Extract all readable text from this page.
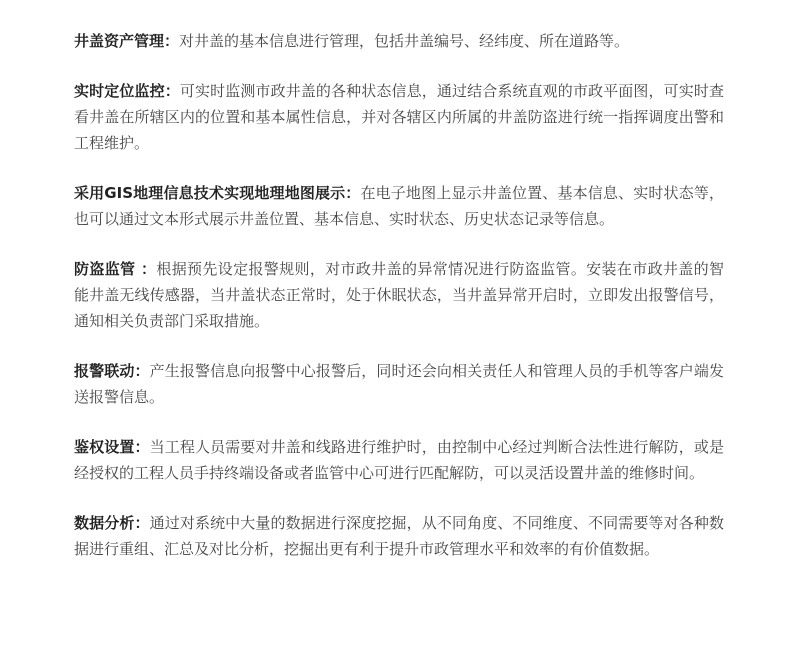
井盖资产管理：对井盖的基本信息进行管理，包括井盖编号、经纬度、所在道路等。

实时定位监控：可实时监测市政井盖的各种状态信息，通过结合系统直观的市政平面图，可实时查看井盖在所辖区内的位置和基本属性信息，并对各辖区内所属的井盖防盗进行统一指挥调度出警和工程维护。

采用GIS地理信息技术实现地理地图展示：在电子地图上显示井盖位置、基本信息、实时状态等，也可以通过文本形式展示井盖位置、基本信息、实时状态、历史状态记录等信息。

防盗监管 ：根据预先设定报警规则，对市政井盖的异常情况进行防盗监管。安装在市政井盖的智能井盖无线传感器，当井盖状态正常时，处于休眠状态，当井盖异常开启时，立即发出报警信号，通知相关负责部门采取措施。

报警联动：产生报警信息向报警中心报警后，同时还会向相关责任人和管理人员的手机等客户端发送报警信息。

鉴权设置：当工程人员需要对井盖和线路进行维护时，由控制中心经过判断合法性进行解防，或是经授权的工程人员手持终端设备或者监管中心可进行匹配解防，可以灵活设置井盖的维修时间。

数据分析：通过对系统中大量的数据进行深度挖掘，从不同角度、不同维度、不同需要等对各种数据进行重组、汇总及对比分析，挖掘出更有利于提升市政管理水平和效率的有价值数据。
